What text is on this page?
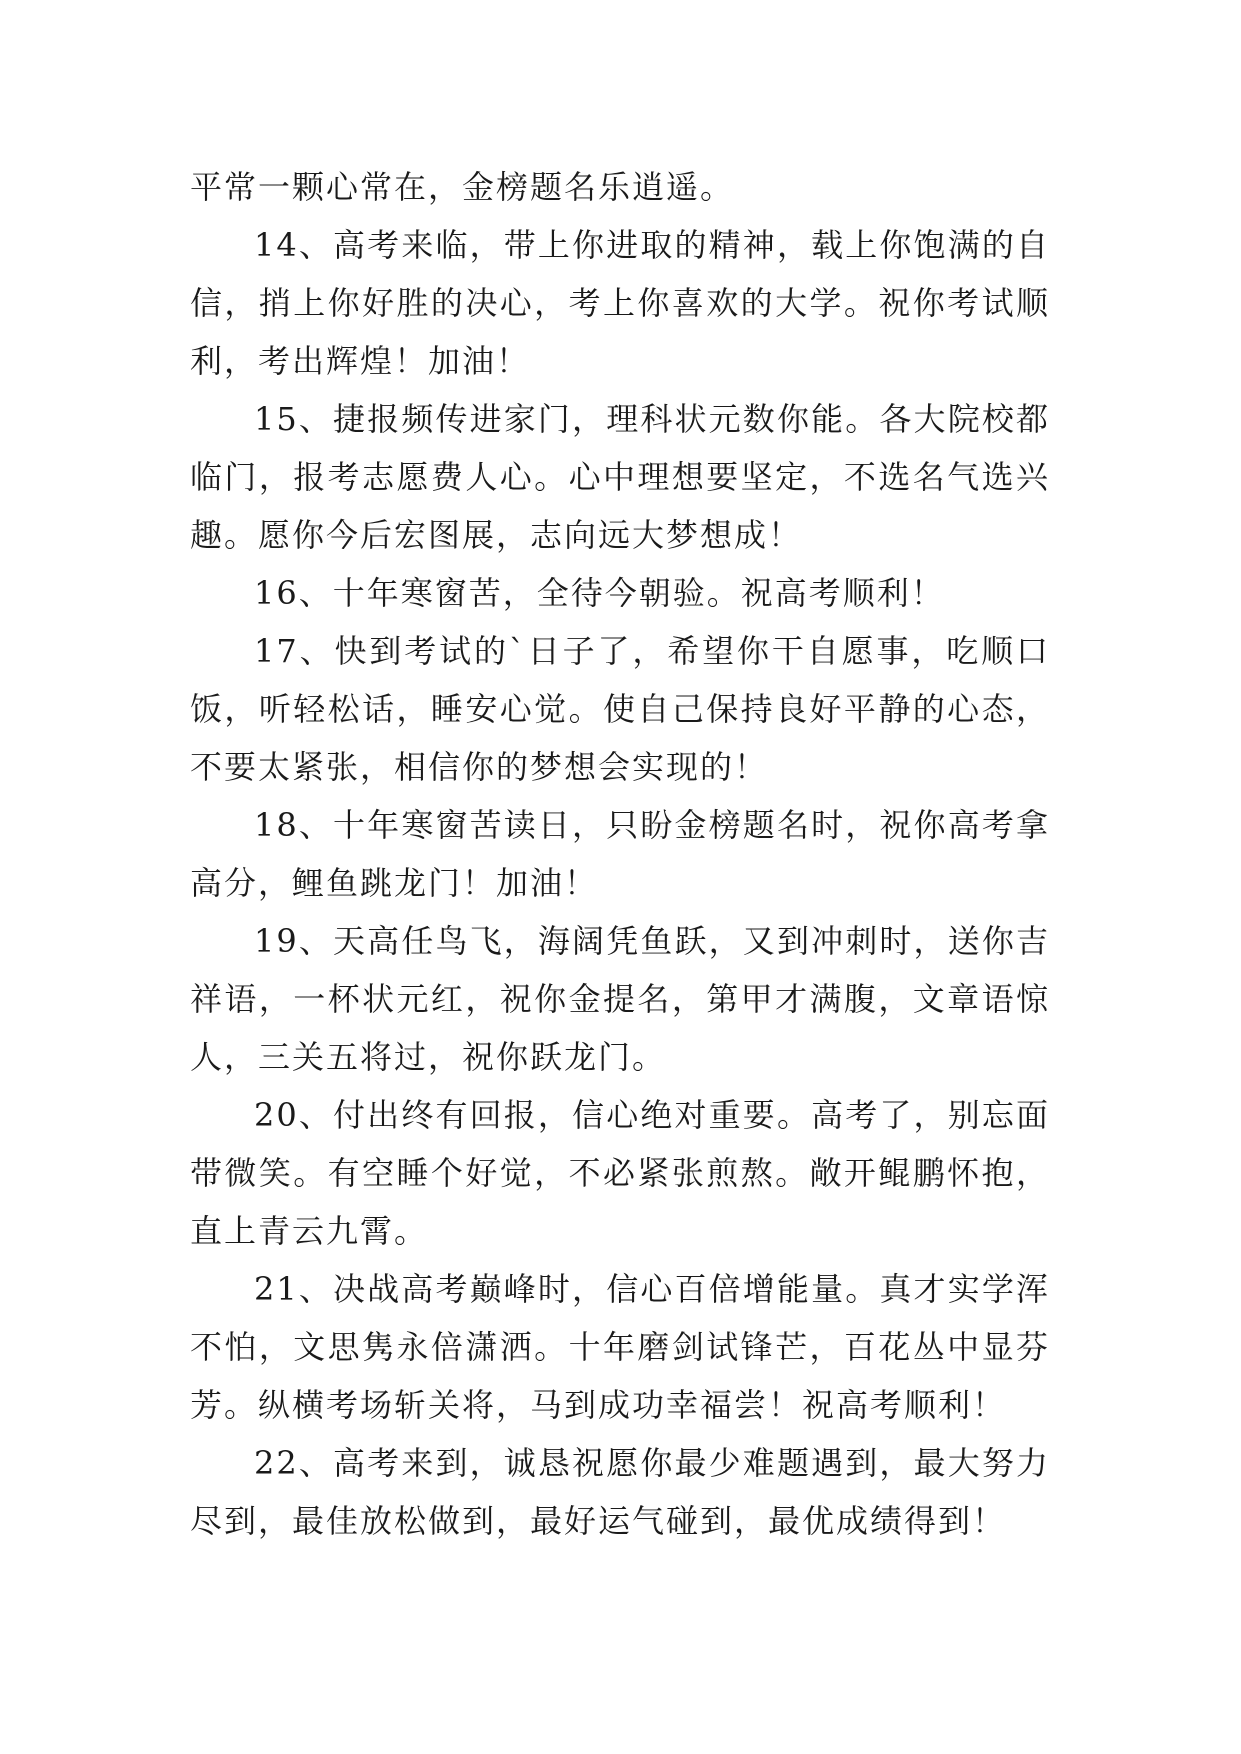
平常一颗心常在，金榜题名乐逍遥。

14、高考来临，带上你进取的精神，载上你饱满的自信，捎上你好胜的决心，考上你喜欢的大学。祝你考试顺利，考出辉煌！加油！

15、捷报频传进家门，理科状元数你能。各大院校都临门，报考志愿费人心。心中理想要坚定，不选名气选兴趣。愿你今后宏图展，志向远大梦想成！

16、十年寒窗苦，全待今朝验。祝高考顺利！

17、快到考试的`日子了，希望你干自愿事，吃顺口饭，听轻松话，睡安心觉。使自己保持良好平静的心态，不要太紧张，相信你的梦想会实现的！

18、十年寒窗苦读日，只盼金榜题名时，祝你高考拿高分，鲤鱼跳龙门！加油！

19、天高任鸟飞，海阔凭鱼跃，又到冲刺时，送你吉祥语，一杯状元红，祝你金提名，第甲才满腹，文章语惊人，三关五将过，祝你跃龙门。

20、付出终有回报，信心绝对重要。高考了，别忘面带微笑。有空睡个好觉，不必紧张煎熬。敞开鲲鹏怀抱，直上青云九霄。

21、决战高考巅峰时，信心百倍增能量。真才实学浑不怕，文思隽永倍潇洒。十年磨剑试锋芒，百花丛中显芬芳。纵横考场斩关将，马到成功幸福尝！祝高考顺利！

22、高考来到，诚恳祝愿你最少难题遇到，最大努力尽到，最佳放松做到，最好运气碰到，最优成绩得到！
